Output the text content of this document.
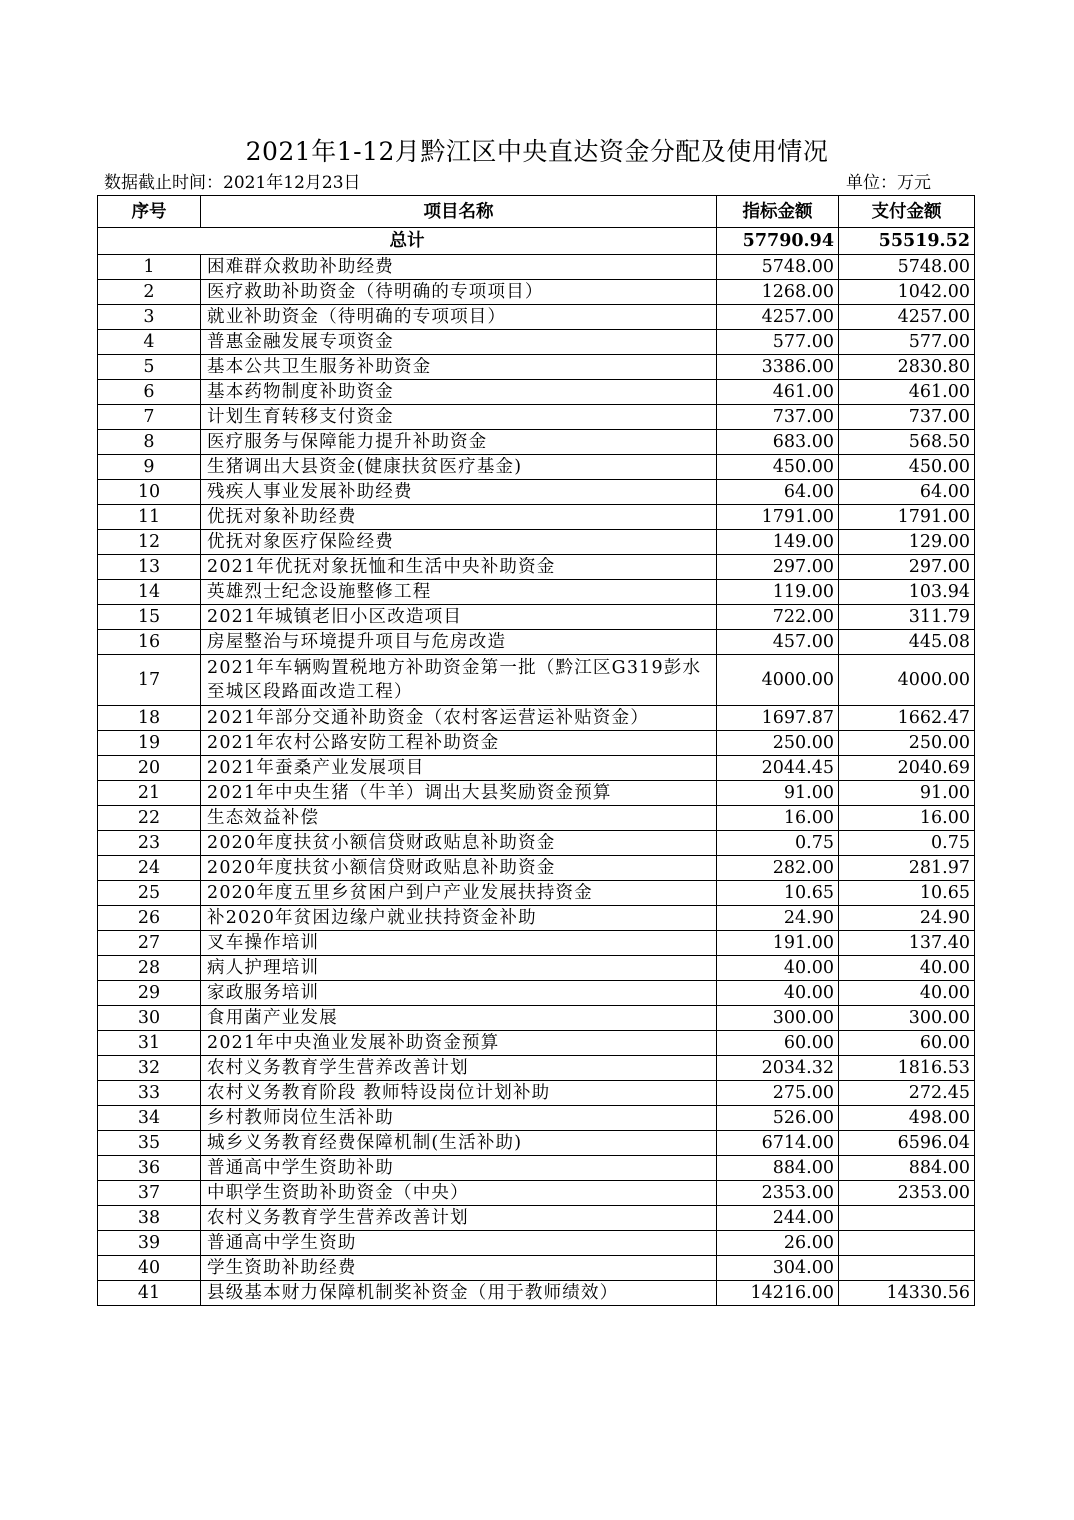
2021年1-12月黔江区中央直达资金分配及使用情况
数据截止时间：2021年12月23日	单位：万元
序号	项目名称	指标金额	支付金额
总计		57790.94	55519.52
1	困难群众救助补助经费	5748.00	5748.00
2	医疗救助补助资金（待明确的专项项目）	1268.00	1042.00
3	就业补助资金（待明确的专项项目）	4257.00	4257.00
4	普惠金融发展专项资金	577.00	577.00
5	基本公共卫生服务补助资金	3386.00	2830.80
6	基本药物制度补助资金	461.00	461.00
7	计划生育转移支付资金	737.00	737.00
8	医疗服务与保障能力提升补助资金	683.00	568.50
9	生猪调出大县资金(健康扶贫医疗基金)	450.00	450.00
10	残疾人事业发展补助经费	64.00	64.00
11	优抚对象补助经费	1791.00	1791.00
12	优抚对象医疗保险经费	149.00	129.00
13	2021年优抚对象抚恤和生活中央补助资金	297.00	297.00
14	英雄烈士纪念设施整修工程	119.00	103.94
15	2021年城镇老旧小区改造项目	722.00	311.79
16	房屋整治与环境提升项目与危房改造	457.00	445.08
17	2021年车辆购置税地方补助资金第一批（黔江区G319彭水至城区段路面改造工程）	4000.00	4000.00
18	2021年部分交通补助资金（农村客运营运补贴资金）	1697.87	1662.47
19	2021年农村公路安防工程补助资金	250.00	250.00
20	2021年蚕桑产业发展项目	2044.45	2040.69
21	2021年中央生猪（牛羊）调出大县奖励资金预算	91.00	91.00
22	生态效益补偿	16.00	16.00
23	2020年度扶贫小额信贷财政贴息补助资金	0.75	0.75
24	2020年度扶贫小额信贷财政贴息补助资金	282.00	281.97
25	2020年度五里乡贫困户到户产业发展扶持资金	10.65	10.65
26	补2020年贫困边缘户就业扶持资金补助	24.90	24.90
27	叉车操作培训	191.00	137.40
28	病人护理培训	40.00	40.00
29	家政服务培训	40.00	40.00
30	食用菌产业发展	300.00	300.00
31	2021年中央渔业发展补助资金预算	60.00	60.00
32	农村义务教育学生营养改善计划	2034.32	1816.53
33	农村义务教育阶段 教师特设岗位计划补助	275.00	272.45
34	乡村教师岗位生活补助	526.00	498.00
35	城乡义务教育经费保障机制(生活补助)	6714.00	6596.04
36	普通高中学生资助补助	884.00	884.00
37	中职学生资助补助资金（中央）	2353.00	2353.00
38	农村义务教育学生营养改善计划	244.00	
39	普通高中学生资助	26.00	
40	学生资助补助经费	304.00	
41	县级基本财力保障机制奖补资金（用于教师绩效）	14216.00	14330.56
